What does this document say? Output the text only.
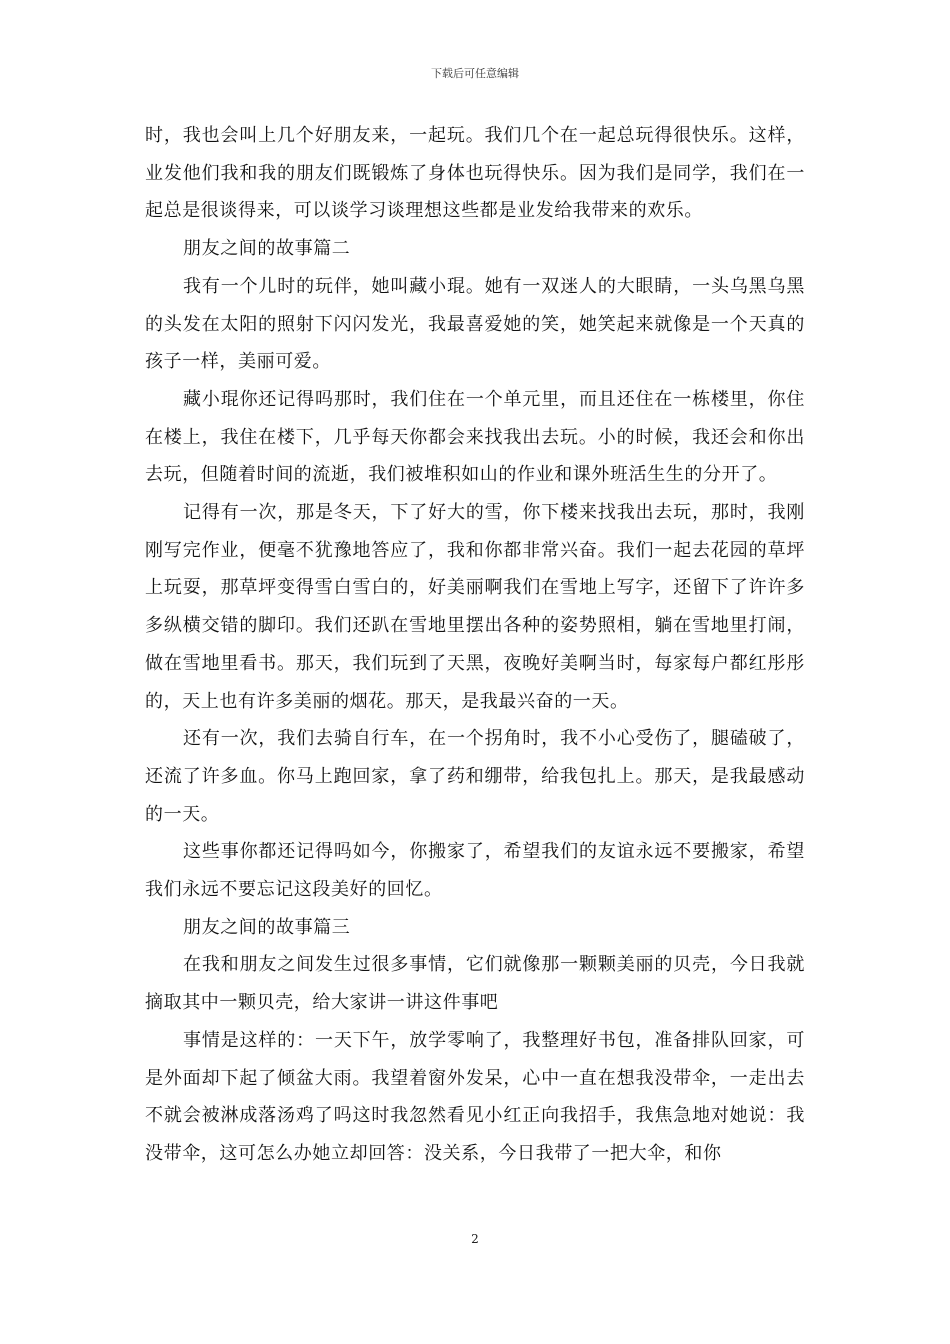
下载后可任意编辑

时，我也会叫上几个好朋友来，一起玩。我们几个在一起总玩得很快乐。这样，业发他们我和我的朋友们既锻炼了身体也玩得快乐。因为我们是同学，我们在一起总是很谈得来，可以谈学习谈理想这些都是业发给我带来的欢乐。

朋友之间的故事篇二

我有一个儿时的玩伴，她叫藏小琨。她有一双迷人的大眼睛，一头乌黑乌黑的头发在太阳的照射下闪闪发光，我最喜爱她的笑，她笑起来就像是一个天真的孩子一样，美丽可爱。

藏小琨你还记得吗那时，我们住在一个单元里，而且还住在一栋楼里，你住在楼上，我住在楼下，几乎每天你都会来找我出去玩。小的时候，我还会和你出去玩，但随着时间的流逝，我们被堆积如山的作业和课外班活生生的分开了。

记得有一次，那是冬天，下了好大的雪，你下楼来找我出去玩，那时，我刚刚写完作业，便毫不犹豫地答应了，我和你都非常兴奋。我们一起去花园的草坪上玩耍，那草坪变得雪白雪白的，好美丽啊我们在雪地上写字，还留下了许许多多纵横交错的脚印。我们还趴在雪地里摆出各种的姿势照相，躺在雪地里打闹，做在雪地里看书。那天，我们玩到了天黑，夜晚好美啊当时，每家每户都红彤彤的，天上也有许多美丽的烟花。那天，是我最兴奋的一天。

还有一次，我们去骑自行车，在一个拐角时，我不小心受伤了，腿磕破了，还流了许多血。你马上跑回家，拿了药和绷带，给我包扎上。那天，是我最感动的一天。

这些事你都还记得吗如今，你搬家了，希望我们的友谊永远不要搬家，希望我们永远不要忘记这段美好的回忆。

朋友之间的故事篇三

在我和朋友之间发生过很多事情，它们就像那一颗颗美丽的贝壳，今日我就摘取其中一颗贝壳，给大家讲一讲这件事吧

事情是这样的：一天下午，放学零响了，我整理好书包，准备排队回家，可是外面却下起了倾盆大雨。我望着窗外发呆，心中一直在想我没带伞，一走出去不就会被淋成落汤鸡了吗这时我忽然看见小红正向我招手，我焦急地对她说：我没带伞，这可怎么办她立却回答：没关系，今日我带了一把大伞，和你

2
